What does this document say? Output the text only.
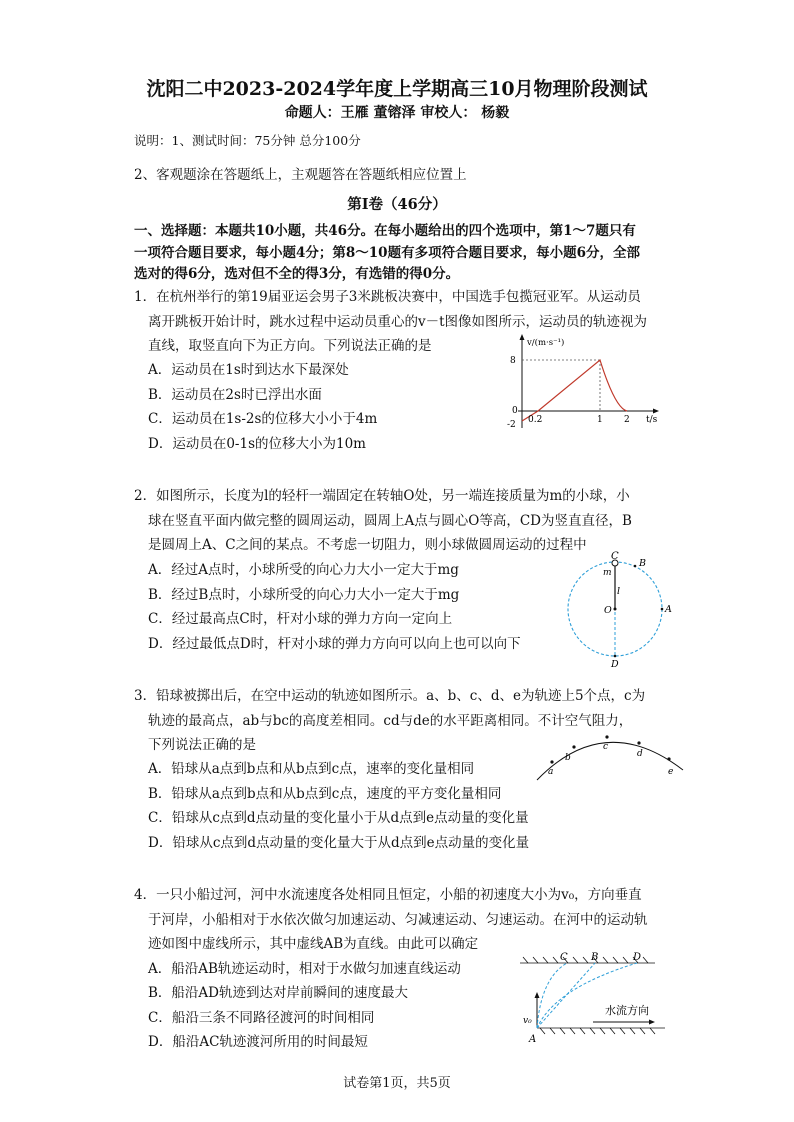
沈阳二中2023-2024学年度上学期高三10月物理阶段测试
命题人：王雁 董镕泽 审校人： 杨毅
说明：1、测试时间：75分钟 总分100分
2、客观题涂在答题纸上，主观题答在答题纸相应位置上
第Ⅰ卷（46分）
一、选择题：本题共10小题，共46分。在每小题给出的四个选项中，第1～7题只有
一项符合题目要求，每小题4分；第8～10题有多项符合题目要求，每小题6分，全部
选对的得6分，选对但不全的得3分，有选错的得0分。
1．在杭州举行的第19届亚运会男子3米跳板决赛中，中国选手包揽冠亚军。从运动员
离开跳板开始计时，跳水过程中运动员重心的v－t图像如图所示，运动员的轨迹视为
直线，取竖直向下为正方向。下列说法正确的是
A．运动员在1s时到达水下最深处
B．运动员在2s时已浮出水面
C．运动员在1s-2s的位移大小小于4m
D．运动员在0-1s的位移大小为10m
v/(m·s⁻¹)
t/s
8
0
-2 0.2	1 2
2．如图所示，长度为l的轻杆一端固定在转轴O处，另一端连接质量为m的小球，小
球在竖直平面内做完整的圆周运动，圆周上A点与圆心O等高，CD为竖直直径，B
是圆周上A、C之间的某点。不考虑一切阻力，则小球做圆周运动的过程中
A．经过A点时，小球所受的向心力大小一定大于mg
B．经过B点时，小球所受的向心力大小一定大于mg
C．经过最高点C时，杆对小球的弹力方向一定向上
D．经过最低点D时，杆对小球的弹力方向可以向上也可以向下
C
m
B
l
O	A
D
3．铅球被掷出后，在空中运动的轨迹如图所示。a、b、c、d、e为轨迹上5个点，c为
轨迹的最高点，ab与bc的高度差相同。cd与de的水平距离相同。不计空气阻力，
下列说法正确的是
A．铅球从a点到b点和从b点到c点，速率的变化量相同
B．铅球从a点到b点和从b点到c点，速度的平方变化量相同
C．铅球从c点到d点动量的变化量小于从d点到e点动量的变化量
D．铅球从c点到d点动量的变化量大于从d点到e点动量的变化量
a
b
c
d
e
4．一只小船过河，河中水流速度各处相同且恒定，小船的初速度大小为v₀，方向垂直
于河岸，小船相对于水依次做匀加速运动、匀减速运动、匀速运动。在河中的运动轨
迹如图中虚线所示，其中虚线AB为直线。由此可以确定
A．船沿AB轨迹运动时，相对于水做匀加速直线运动
B．船沿AD轨迹到达对岸前瞬间的速度最大
C．船沿三条不同路径渡河的时间相同
D．船沿AC轨迹渡河所用的时间最短
C B	D
v₀
A
水流方向
试卷第1页，共5页
